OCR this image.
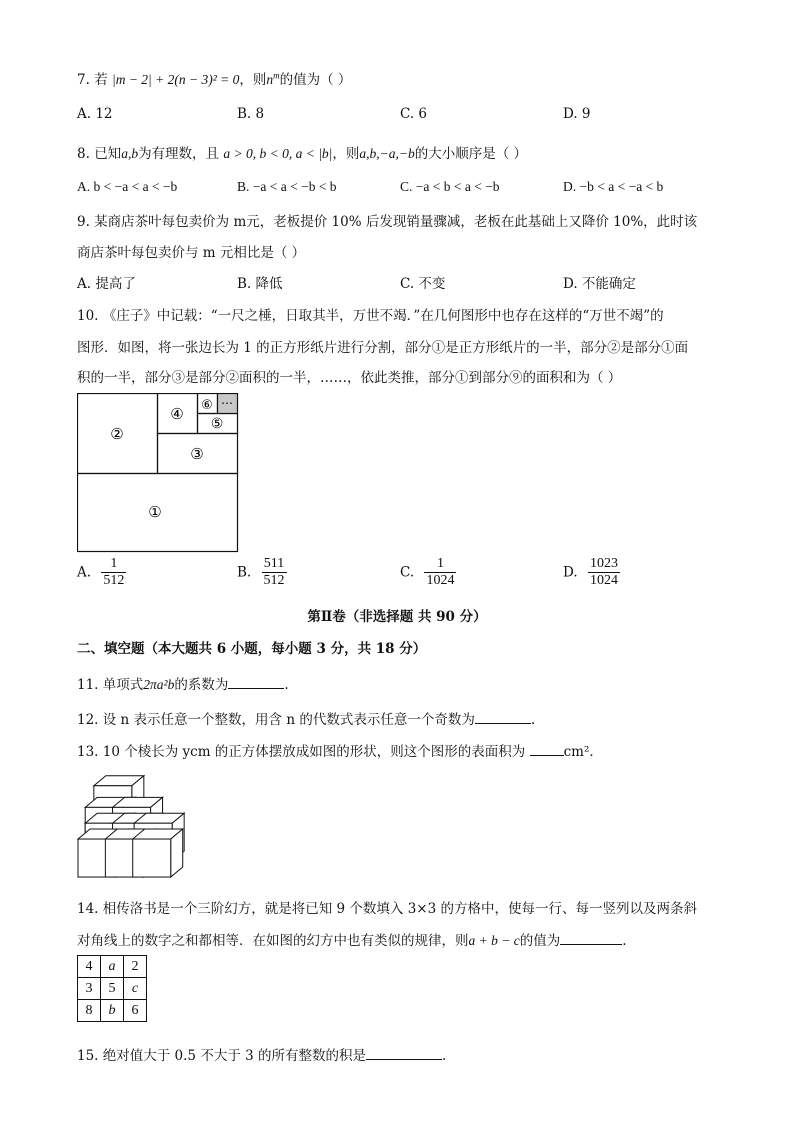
7. 若 |m − 2| + 2(n − 3)² = 0，则$n^m$的值为（ ）
A. 12	B. 8	C. 6	D. 9
8. 已知a,b为有理数，且 a > 0, b < 0, a < |b|，则a,b,−a,−b的大小顺序是（ ）
A. b < −a < a < −b	B. −a < a < −b < b	C. −a < b < a < −b	D. −b < a < −a < b
9. 某商店茶叶每包卖价为 m元，老板提价 10% 后发现销量骤减，老板在此基础上又降价 10%，此时该
商店茶叶每包卖价与 m 元相比是（ ）
A. 提高了	B. 降低	C. 不变	D. 不能确定
10. 《庄子》中记载：“一尺之棰，日取其半，万世不竭．”在几何图形中也存在这样的“万世不竭”的
图形．如图，将一张边长为 1 的正方形纸片进行分割，部分①是正方形纸片的一半，部分②是部分①面
积的一半，部分③是部分②面积的一半，……，依此类推，部分①到部分⑨的面积和为（ ）
①
②
③
④
⑤
⑥ ⋯
A. $\frac{1}{512}$	B. $\frac{511}{512}$	C. $\frac{1}{1024}$	D. $\frac{1023}{1024}$
第Ⅱ卷（非选择题 共 90 分）
二、填空题（本大题共 6 小题，每小题 3 分，共 18 分）
11. 单项式2πa²b的系数为	.
12. 设 n 表示任意一个整数，用含 n 的代数式表示任意一个奇数为	.
13. 10 个棱长为 ycm 的正方体摆放成如图的形状，则这个图形的表面积为	cm²．
14. 相传洛书是一个三阶幻方，就是将已知 9 个数填入 3×3 的方格中，使每一行、每一竖列以及两条斜
对角线上的数字之和都相等．在如图的幻方中也有类似的规律，则a + b − c的值为	.
4	a	2
3	5	c
8	b	6
15. 绝对值大于 0.5 不大于 3 的所有整数的积是	.
